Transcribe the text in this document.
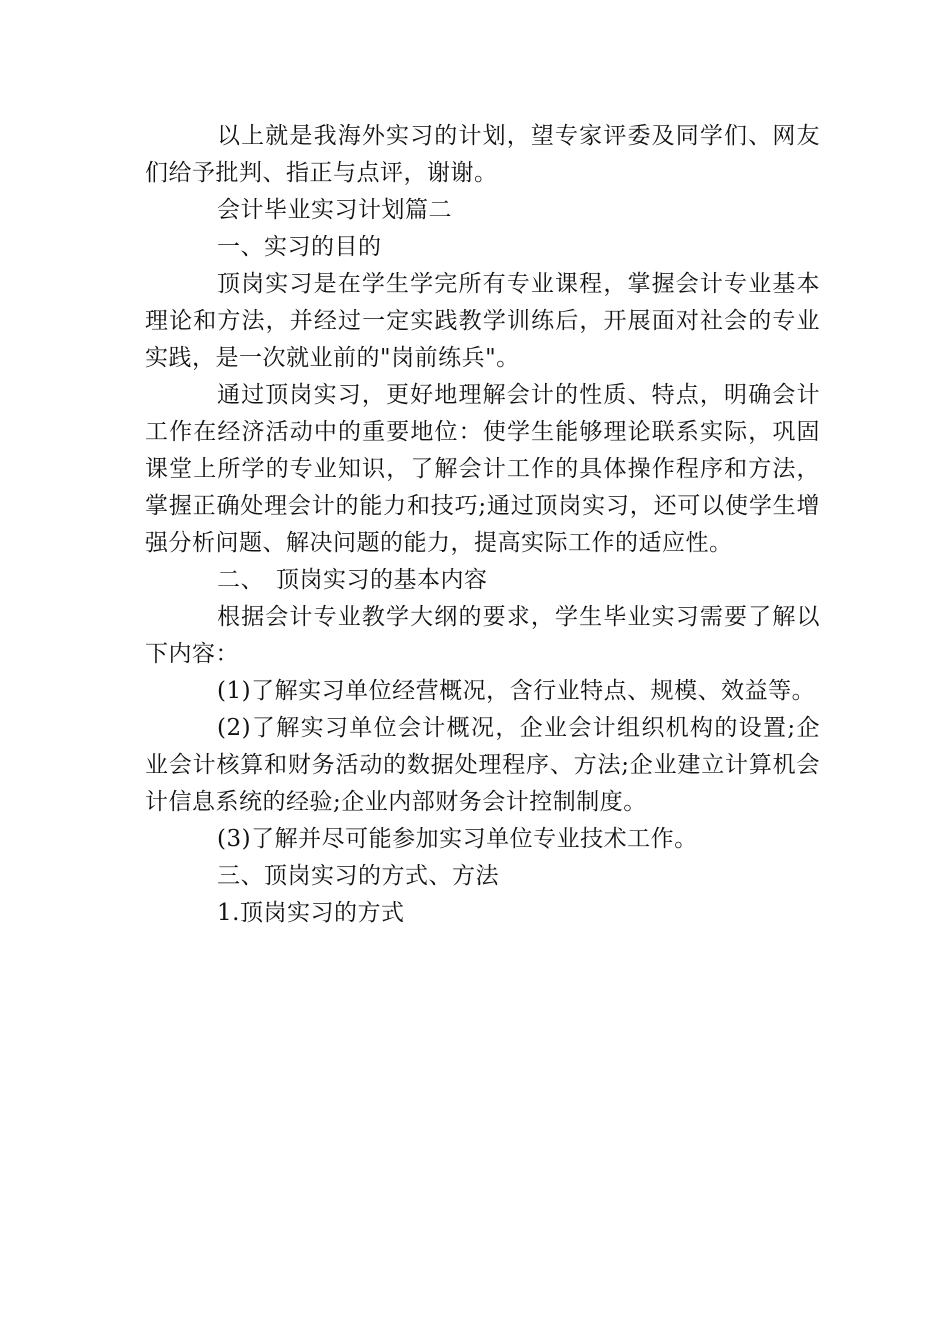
以上就是我海外实习的计划，望专家评委及同学们、网友们给予批判、指正与点评，谢谢。

会计毕业实习计划篇二

一、实习的目的

顶岗实习是在学生学完所有专业课程，掌握会计专业基本理论和方法，并经过一定实践教学训练后，开展面对社会的专业实践，是一次就业前的"岗前练兵"。

通过顶岗实习，更好地理解会计的性质、特点，明确会计工作在经济活动中的重要地位：使学生能够理论联系实际，巩固课堂上所学的专业知识，了解会计工作的具体操作程序和方法，掌握正确处理会计的能力和技巧;通过顶岗实习，还可以使学生增强分析问题、解决问题的能力，提高实际工作的适应性。

二、　顶岗实习的基本内容

根据会计专业教学大纲的要求，学生毕业实习需要了解以下内容：

(1)了解实习单位经营概况，含行业特点、规模、效益等。

(2)了解实习单位会计概况，企业会计组织机构的设置;企业会计核算和财务活动的数据处理程序、方法;企业建立计算机会计信息系统的经验;企业内部财务会计控制制度。

(3)了解并尽可能参加实习单位专业技术工作。

三、顶岗实习的方式、方法

1.顶岗实习的方式
